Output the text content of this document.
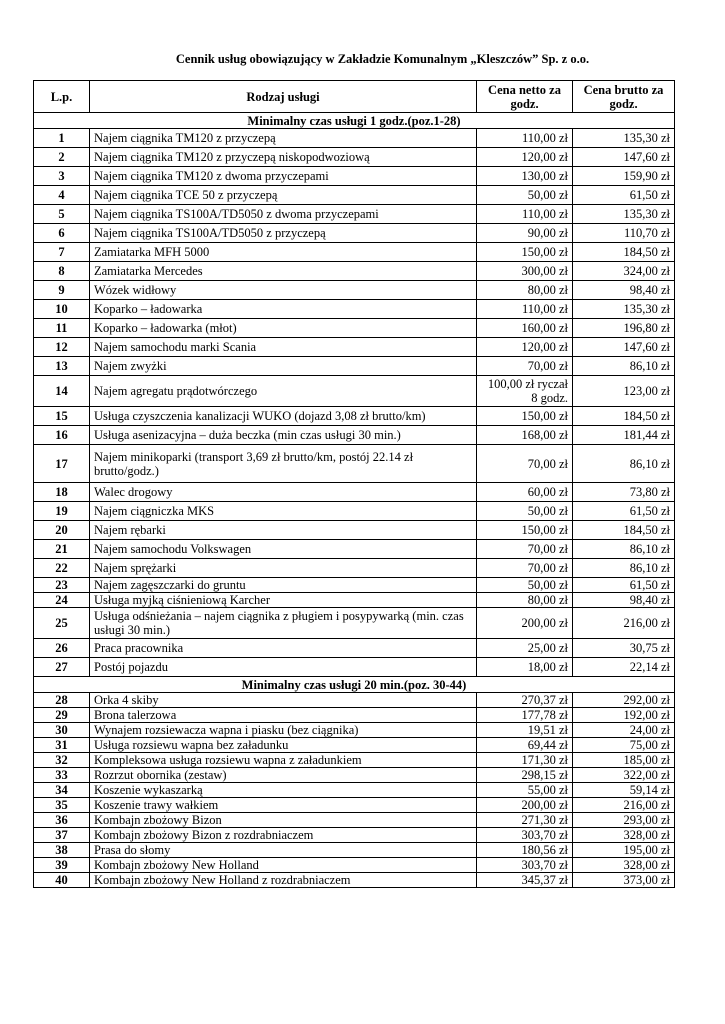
Cennik usług obowiązujący w Zakładzie Komunalnym „Kleszczów” Sp. z o.o.
L.p.	Rodzaj usługi	Cena netto za godz.	Cena brutto za godz.
Minimalny czas usługi 1 godz.(poz.1-28)			
1	Najem ciągnika TM120 z przyczepą	110,00 zł	135,30 zł
2	Najem ciągnika TM120 z przyczepą niskopodwoziową	120,00 zł	147,60 zł
3	Najem ciągnika TM120 z dwoma przyczepami	130,00 zł	159,90 zł
4	Najem ciągnika TCE 50 z przyczepą	50,00 zł	61,50 zł
5	Najem ciągnika TS100A/TD5050 z dwoma przyczepami	110,00 zł	135,30 zł
6	Najem ciągnika TS100A/TD5050 z przyczepą	90,00 zł	110,70 zł
7	Zamiatarka MFH 5000	150,00 zł	184,50 zł
8	Zamiatarka Mercedes	300,00 zł	324,00 zł
9	Wózek widłowy	80,00 zł	98,40 zł
10	Koparko – ładowarka	110,00 zł	135,30 zł
11	Koparko – ładowarka (młot)	160,00 zł	196,80 zł
12	Najem samochodu marki Scania	120,00 zł	147,60 zł
13	Najem zwyżki	70,00 zł	86,10 zł
14	Najem agregatu prądotwórczego	100,00 zł ryczał 8 godz.	123,00 zł
15	Usługa czyszczenia kanalizacji WUKO (dojazd 3,08 zł brutto/km)	150,00 zł	184,50 zł
16	Usługa asenizacyjna – duża beczka (min czas usługi 30 min.)	168,00 zł	181,44 zł
17	Najem minikoparki (transport 3,69 zł brutto/km, postój 22.14 zł brutto/godz.)	70,00 zł	86,10 zł
18	Walec drogowy	60,00 zł	73,80 zł
19	Najem ciągniczka MKS	50,00 zł	61,50 zł
20	Najem rębarki	150,00 zł	184,50 zł
21	Najem samochodu Volkswagen	70,00 zł	86,10 zł
22	Najem sprężarki	70,00 zł	86,10 zł
23	Najem zagęszczarki do gruntu	50,00 zł	61,50 zł
24	Usługa myjką ciśnieniową Karcher	80,00 zł	98,40 zł
25	Usługa odśnieżania – najem ciągnika z pługiem i posypywarką (min. czas usługi 30 min.)	200,00 zł	216,00 zł
26	Praca pracownika	25,00 zł	30,75 zł
27	Postój pojazdu	18,00 zł	22,14 zł
Minimalny czas usługi 20 min.(poz. 30-44)			
28	Orka 4 skiby	270,37 zł	292,00 zł
29	Brona talerzowa	177,78 zł	192,00 zł
30	Wynajem rozsiewacza wapna i piasku (bez ciągnika)	19,51 zł	24,00 zł
31	Usługa rozsiewu wapna bez załadunku	69,44 zł	75,00 zł
32	Kompleksowa usługa rozsiewu wapna z załadunkiem	171,30 zł	185,00 zł
33	Rozrzut obornika (zestaw)	298,15 zł	322,00 zł
34	Koszenie wykaszarką	55,00 zł	59,14 zł
35	Koszenie trawy wałkiem	200,00 zł	216,00 zł
36	Kombajn zbożowy Bizon	271,30 zł	293,00 zł
37	Kombajn zbożowy Bizon z rozdrabniaczem	303,70 zł	328,00 zł
38	Prasa do słomy	180,56 zł	195,00 zł
39	Kombajn zbożowy New Holland	303,70 zł	328,00 zł
40	Kombajn zbożowy New Holland z rozdrabniaczem	345,37 zł	373,00 zł
